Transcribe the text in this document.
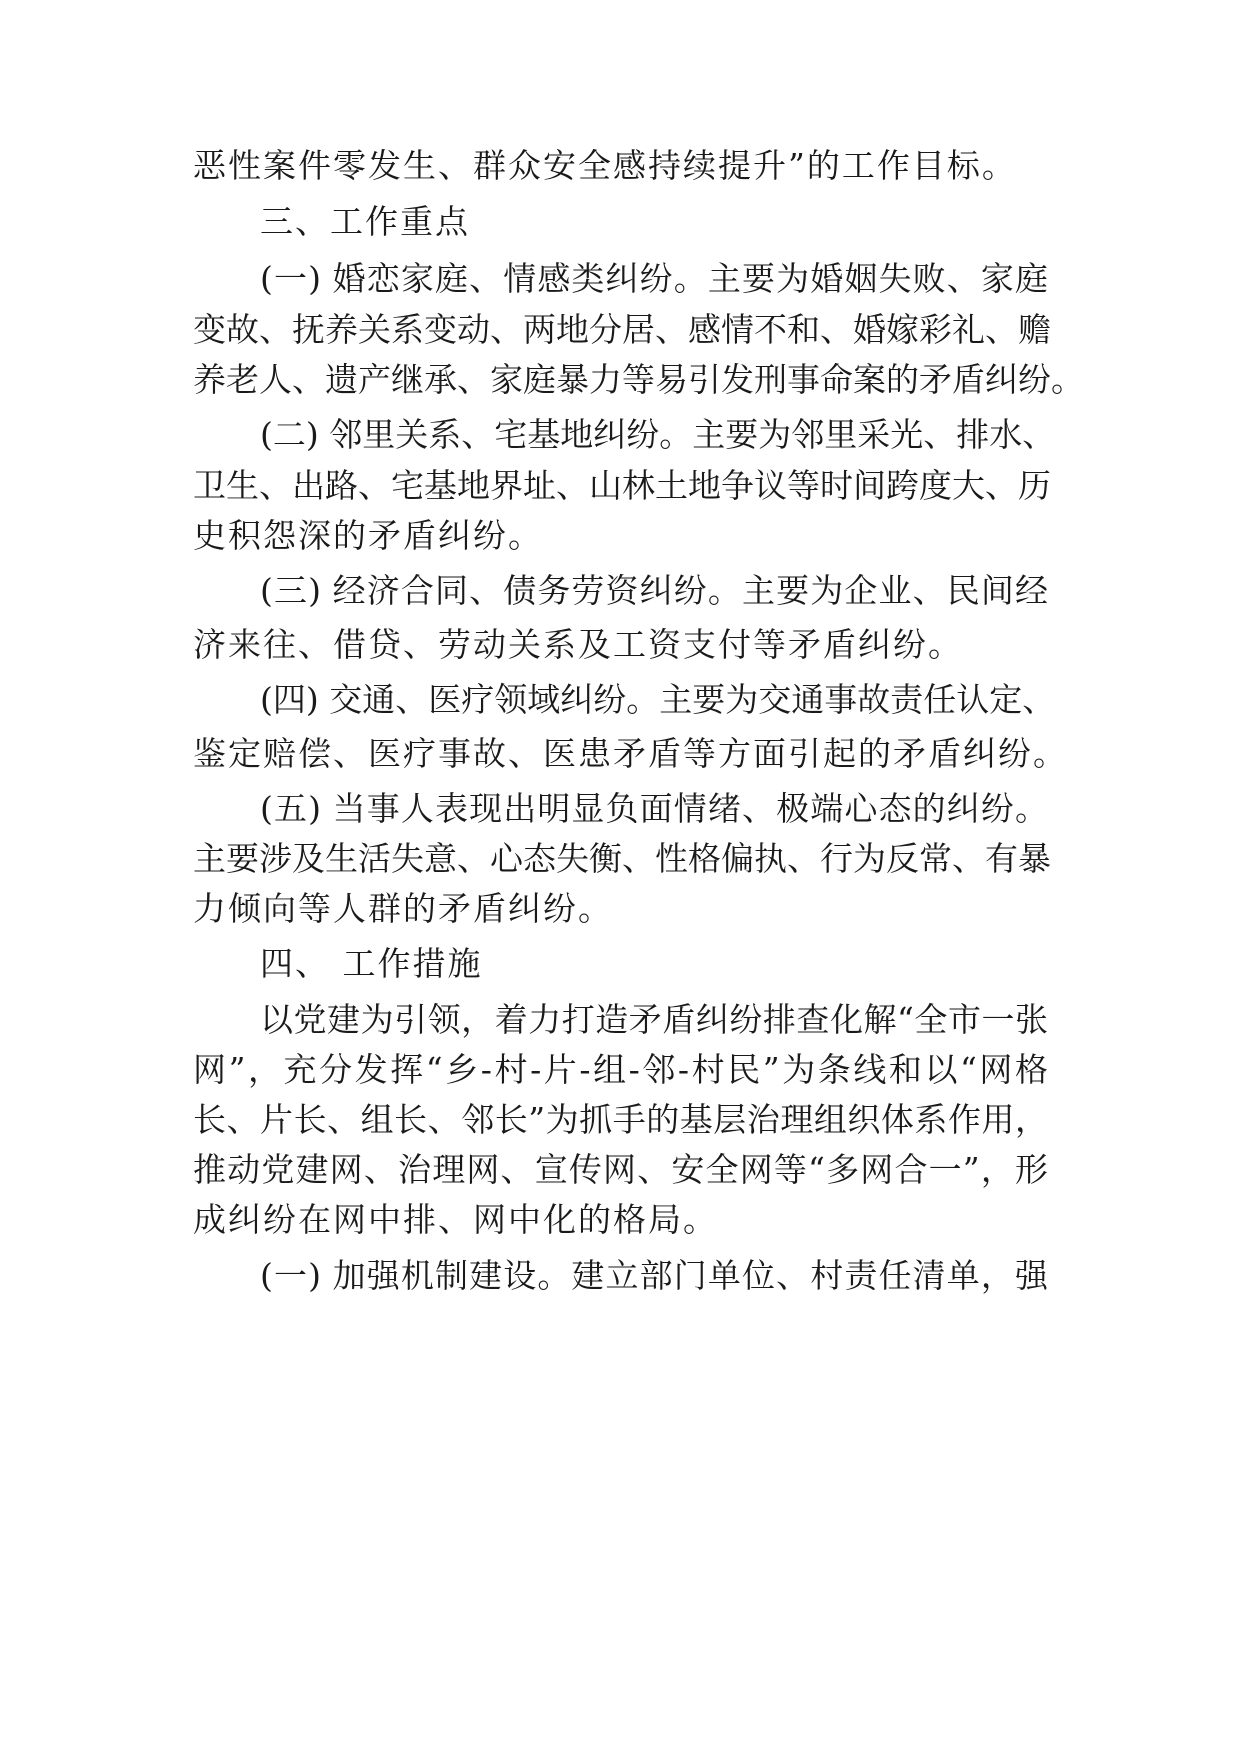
恶性案件零发生、群众安全感持续提升”的工作目标。
三、工作重点
(一) 婚恋家庭、情感类纠纷。主要为婚姻失败、家庭
变故、抚养关系变动、两地分居、感情不和、婚嫁彩礼、赡
养老人、遗产继承、家庭暴力等易引发刑事命案的矛盾纠纷。
(二) 邻里关系、宅基地纠纷。主要为邻里采光、排水、
卫生、出路、宅基地界址、山林土地争议等时间跨度大、历
史积怨深的矛盾纠纷。
(三) 经济合同、债务劳资纠纷。主要为企业、民间经
济来往、借贷、劳动关系及工资支付等矛盾纠纷。
(四) 交通、医疗领域纠纷。主要为交通事故责任认定、
鉴定赔偿、医疗事故、医患矛盾等方面引起的矛盾纠纷。
(五) 当事人表现出明显负面情绪、极端心态的纠纷。
主要涉及生活失意、心态失衡、性格偏执、行为反常、有暴
力倾向等人群的矛盾纠纷。
四、 工作措施
以党建为引领，着力打造矛盾纠纷排查化解“全市一张
网”，充分发挥“乡-村-片-组-邻-村民”为条线和以“网格
长、片长、组长、邻长”为抓手的基层治理组织体系作用，
推动党建网、治理网、宣传网、安全网等“多网合一”，形
成纠纷在网中排、网中化的格局。
(一) 加强机制建设。建立部门单位、村责任清单，强
